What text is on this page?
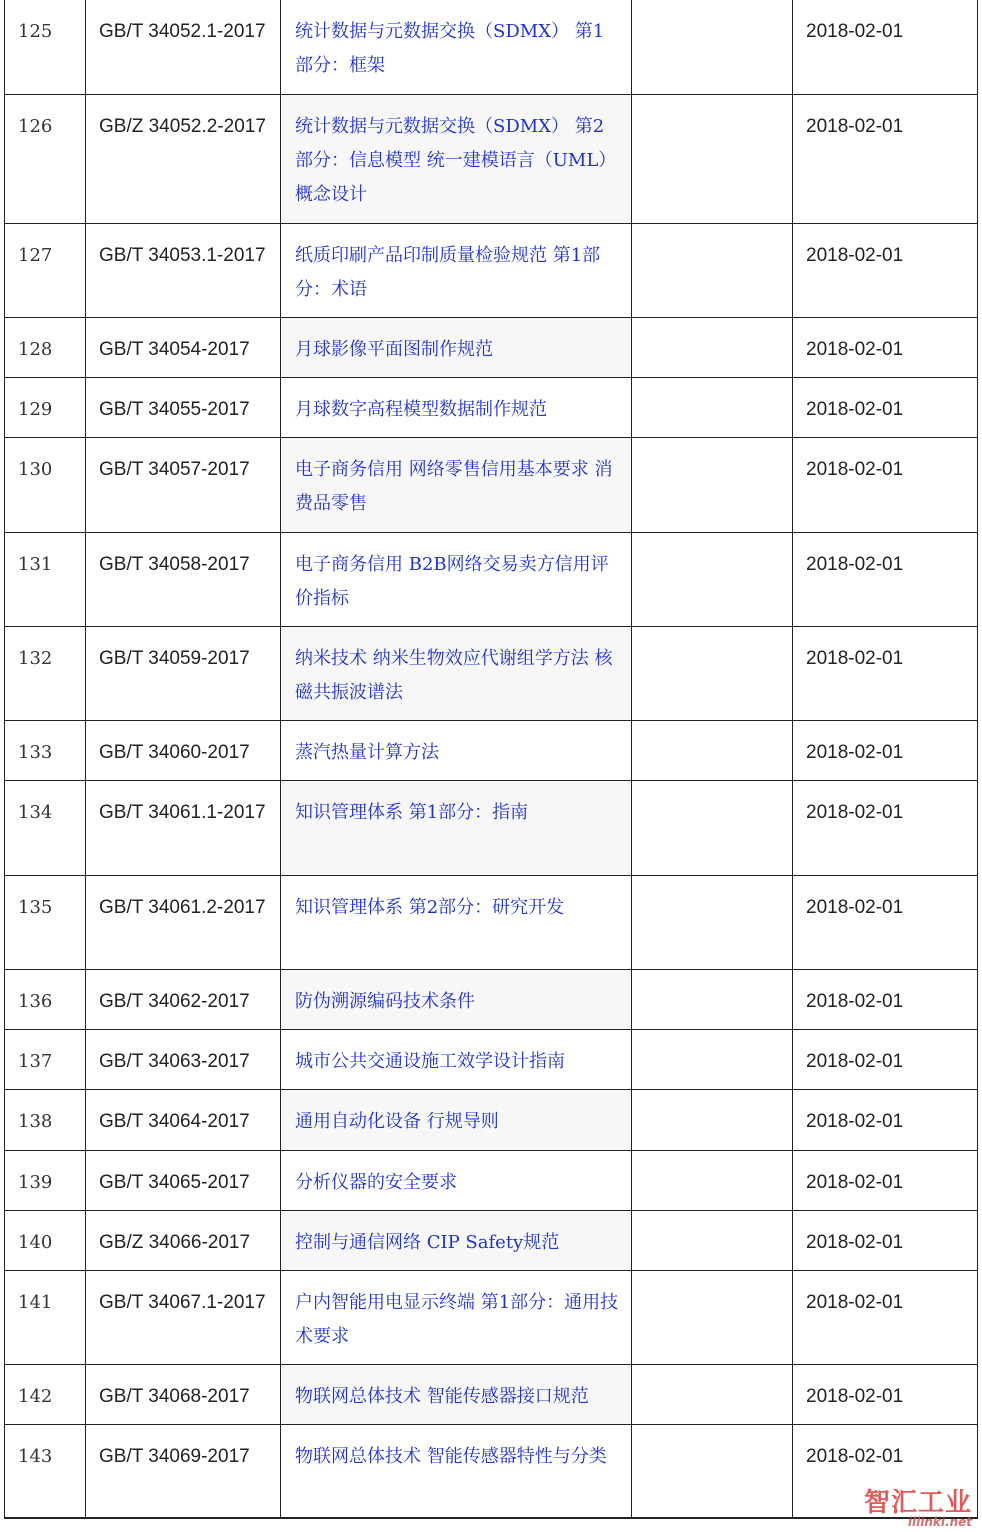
125	GB/T 34052.1-2017	统计数据与元数据交换（SDMX） 第1部分：框架		2018-02-01
126	GB/Z 34052.2-2017	统计数据与元数据交换（SDMX） 第2部分：信息模型 统一建模语言（UML）概念设计		2018-02-01
127	GB/T 34053.1-2017	纸质印刷产品印制质量检验规范 第1部分：术语		2018-02-01
128	GB/T 34054-2017	月球影像平面图制作规范		2018-02-01
129	GB/T 34055-2017	月球数字高程模型数据制作规范		2018-02-01
130	GB/T 34057-2017	电子商务信用 网络零售信用基本要求 消费品零售		2018-02-01
131	GB/T 34058-2017	电子商务信用 B2B网络交易卖方信用评价指标		2018-02-01
132	GB/T 34059-2017	纳米技术 纳米生物效应代谢组学方法 核磁共振波谱法		2018-02-01
133	GB/T 34060-2017	蒸汽热量计算方法		2018-02-01
134	GB/T 34061.1-2017	知识管理体系 第1部分：指南		2018-02-01
135	GB/T 34061.2-2017	知识管理体系 第2部分：研究开发		2018-02-01
136	GB/T 34062-2017	防伪溯源编码技术条件		2018-02-01
137	GB/T 34063-2017	城市公共交通设施工效学设计指南		2018-02-01
138	GB/T 34064-2017	通用自动化设备 行规导则		2018-02-01
139	GB/T 34065-2017	分析仪器的安全要求		2018-02-01
140	GB/Z 34066-2017	控制与通信网络 CIP Safety规范		2018-02-01
141	GB/T 34067.1-2017	户内智能用电显示终端 第1部分：通用技术要求		2018-02-01
142	GB/T 34068-2017	物联网总体技术 智能传感器接口规范		2018-02-01
143	GB/T 34069-2017	物联网总体技术 智能传感器特性与分类		2018-02-01
智汇工业
illinki.net
